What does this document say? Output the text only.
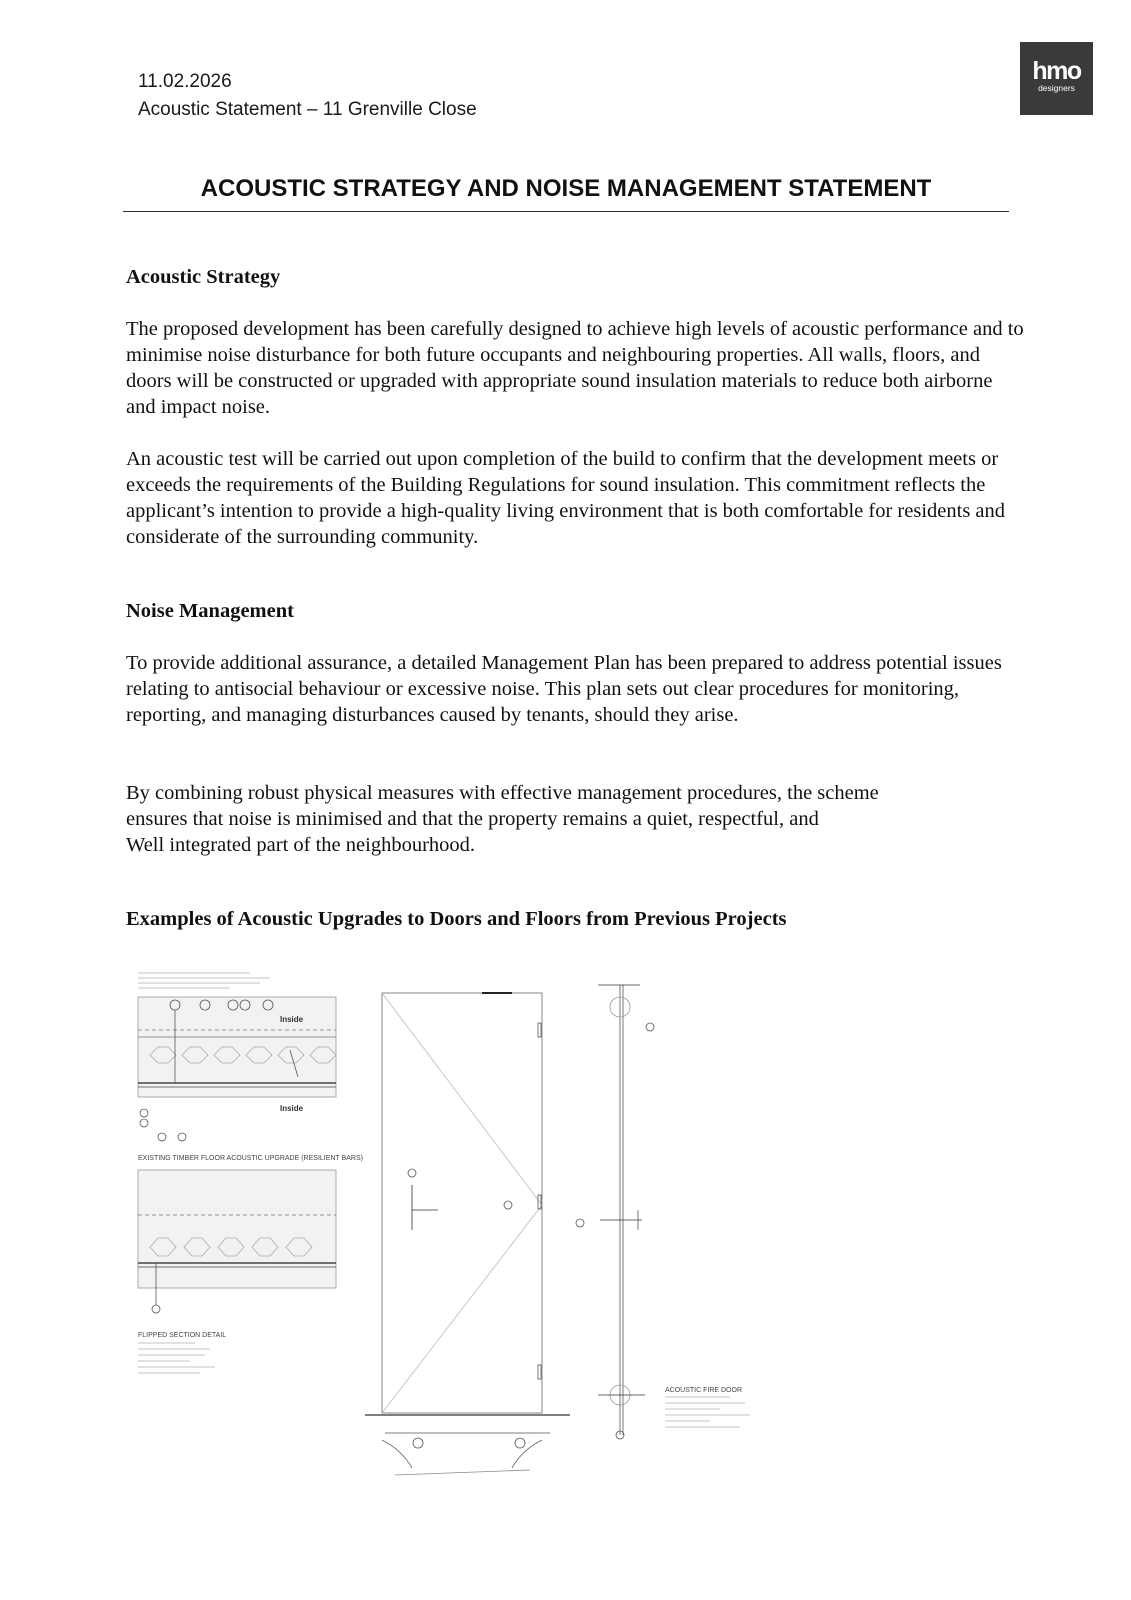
11.02.2026
Acoustic Statement – 11 Grenville Close
hmo
designers
ACOUSTIC STRATEGY AND NOISE MANAGEMENT STATEMENT
Acoustic Strategy

The proposed development has been carefully designed to achieve high levels of acoustic performance and to minimise noise disturbance for both future occupants and neighbouring properties. All walls, floors, and doors will be constructed or upgraded with appropriate sound insulation materials to reduce both airborne and impact noise.

An acoustic test will be carried out upon completion of the build to confirm that the development meets or exceeds the requirements of the Building Regulations for sound insulation. This commitment reflects the applicant’s intention to provide a high-quality living environment that is both comfortable for residents and considerate of the surrounding community.

Noise Management

To provide additional assurance, a detailed Management Plan has been prepared to address potential issues relating to antisocial behaviour or excessive noise. This plan sets out clear procedures for monitoring, reporting, and managing disturbances caused by tenants, should they arise.

By combining robust physical measures with effective management procedures, the scheme
ensures that noise is minimised and that the property remains a quiet, respectful, and
Well integrated part of the neighbourhood.
Examples of Acoustic Upgrades to Doors and Floors from Previous Projects
Inside
Inside
EXISTING TIMBER FLOOR ACOUSTIC UPGRADE (RESILIENT BARS)
FLIPPED SECTION DETAIL
ACOUSTIC FIRE DOOR
